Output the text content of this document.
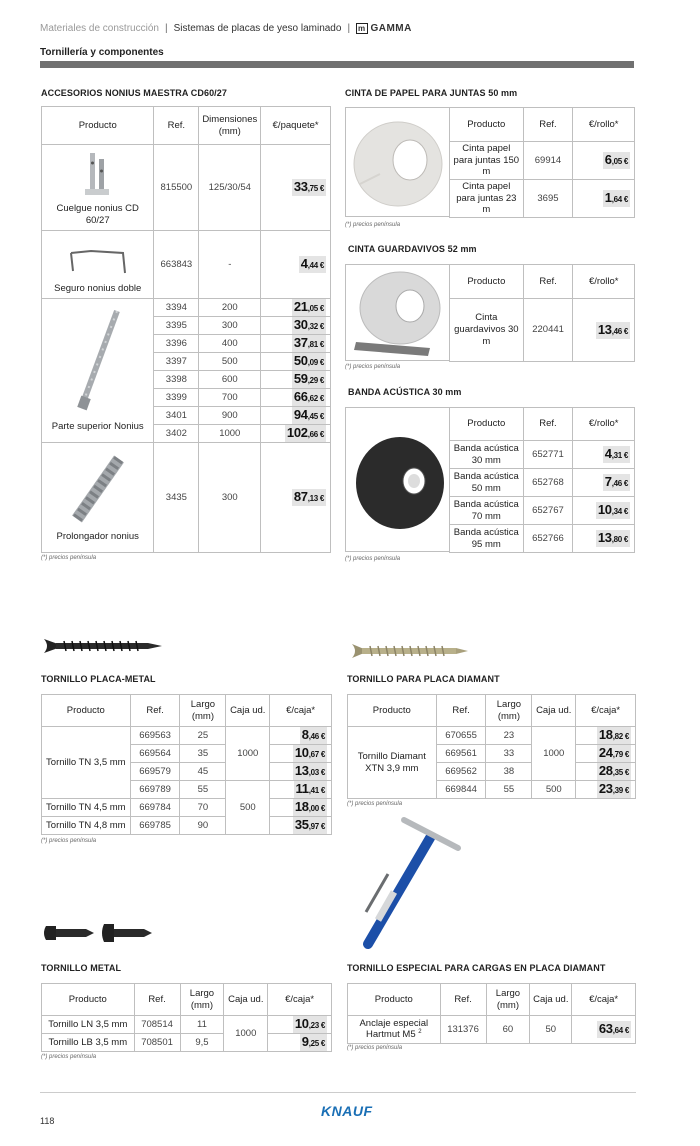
Materiales de construcción | Sistemas de placas de yeso laminado | m GAMMA
Tornillería y componentes
ACCESORIOS NONIUS MAESTRA CD60/27
Producto	Ref.	Dimensiones (mm)	€/paquete*

Cuelgue nonius CD 60/27	815500	125/30/54	33,75 €

Seguro nonius doble	663843	-	4,44 €

Parte superior Nonius	3394	200	21,05 €
	3395	300	30,32 €
	3396	400	37,81 €
	3397	500	50,09 €
	3398	600	59,29 €
	3399	700	66,62 €
	3401	900	94,45 €
	3402	1000	102,66 €

Prolongador nonius	3435	300	87,13 €
(*) precios península
CINTA DE PAPEL PARA JUNTAS 50 mm
Producto	Ref.	€/rollo*
Cinta papel para juntas 150 m	69914	6,05 €
Cinta papel para juntas 23 m	3695	1,64 €
(*) precios península
CINTA GUARDAVIVOS 52 mm
Producto	Ref.	€/rollo*
Cinta guardavivos 30 m	220441	13,46 €
(*) precios península
BANDA ACÚSTICA 30 mm
Producto	Ref.	€/rollo*
Banda acústica 30 mm	652771	4,31 €
Banda acústica 50 mm	652768	7,46 €
Banda acústica 70 mm	652767	10,34 €
Banda acústica 95 mm	652766	13,80 €
(*) precios península
TORNILLO PLACA-METAL
Producto	Ref.	Largo (mm)	Caja ud.	€/caja*
Tornillo TN 3,5 mm	669563	25	1000	8,46 €
	669564	35		10,67 €
	669579	45		13,03 €
	669789	55	500	11,41 €
Tornillo TN 4,5 mm	669784	70		18,00 €
Tornillo TN 4,8 mm	669785	90		35,97 €
(*) precios península
TORNILLO PARA PLACA DIAMANT
Producto	Ref.	Largo (mm)	Caja ud.	€/caja*
Tornillo Diamant XTN 3,9 mm	670655	23	1000	18,82 €
	669561	33		24,79 €
	669562	38		28,35 €
	669844	55	500	23,39 €
(*) precios península
TORNILLO METAL
Producto	Ref.	Largo (mm)	Caja ud.	€/caja*
Tornillo LN 3,5 mm	708514	11	1000	10,23 €
Tornillo LB 3,5 mm	708501	9,5		9,25 €
(*) precios península
TORNILLO ESPECIAL PARA CARGAS EN PLACA DIAMANT
Producto	Ref.	Largo (mm)	Caja ud.	€/caja*
Anclaje especial Hartmut M5 $^2$	131376	60	50	63,64 €
(*) precios península
118
KNAUF
